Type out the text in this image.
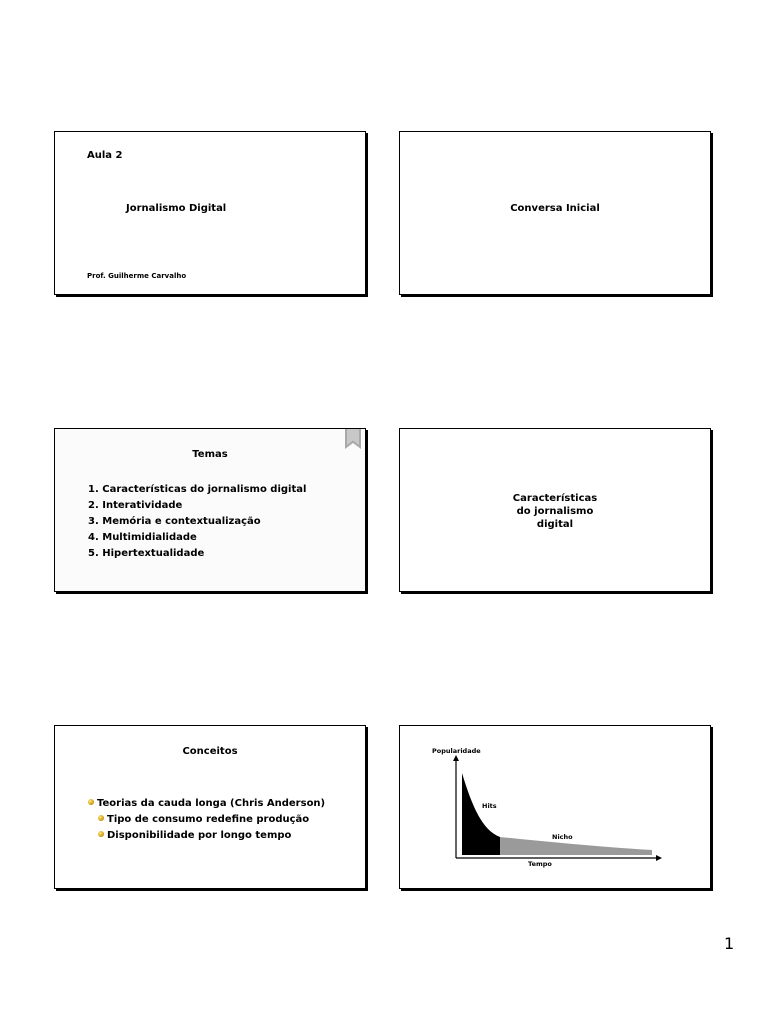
Aula 2
Jornalismo Digital
Prof. Guilherme Carvalho
Conversa Inicial
Temas
1. Características do jornalismo digital
2. Interatividade
3. Memória e contextualização
4. Multimidialidade
5. Hipertextualidade
Características do jornalismo digital
Conceitos
Teorias da cauda longa (Chris Anderson)
Tipo de consumo redefine produção
Disponibilidade por longo tempo
Popularidade
Tempo
Hits
Nicho
1
